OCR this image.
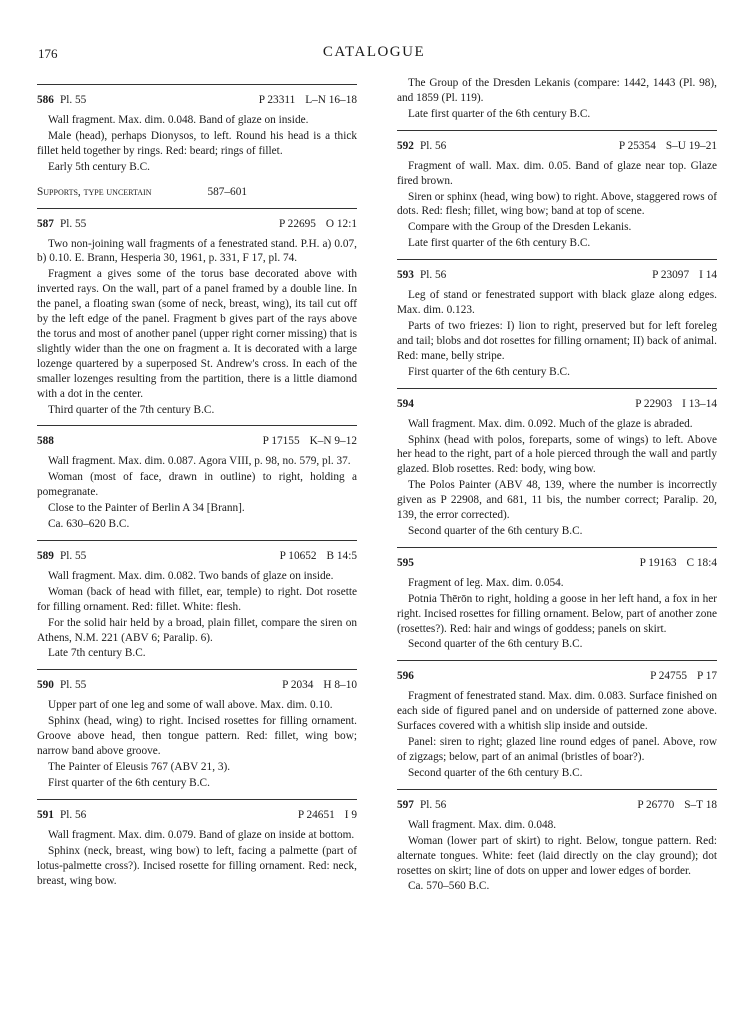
176	CATALOGUE
586 Pl. 55	P 23311 L–N 16–18
Wall fragment. Max. dim. 0.048. Band of glaze on inside.
Male (head), perhaps Dionysos, to left. Round his head is a thick fillet held together by rings. Red: beard; rings of fillet.
Early 5th century B.C.
Supports, type uncertain	587–601
587 Pl. 55	P 22695 O 12:1
Two non-joining wall fragments of a fenestrated stand. P.H. a) 0.07, b) 0.10. E. Brann, Hesperia 30, 1961, p. 331, F 17, pl. 74.
Fragment a gives some of the torus base decorated above with inverted rays. On the wall, part of a panel framed by a double line. In the panel, a floating swan (some of neck, breast, wing), its tail cut off by the left edge of the panel. Fragment b gives part of the rays above the torus and most of another panel (upper right corner missing) that is slightly wider than the one on fragment a. It is decorated with a large lozenge quartered by a superposed St. Andrew's cross. In each of the smaller lozenges resulting from the partition, there is a little diamond with a dot in the center.
Third quarter of the 7th century B.C.
588	P 17155 K–N 9–12
Wall fragment. Max. dim. 0.087. Agora VIII, p. 98, no. 579, pl. 37.
Woman (most of face, drawn in outline) to right, holding a pomegranate.
Close to the Painter of Berlin A 34 [Brann].
Ca. 630–620 B.C.
589 Pl. 55	P 10652 B 14:5
Wall fragment. Max. dim. 0.082. Two bands of glaze on inside.
Woman (back of head with fillet, ear, temple) to right. Dot rosette for filling ornament. Red: fillet. White: flesh.
For the solid hair held by a broad, plain fillet, compare the siren on Athens, N.M. 221 (ABV 6; Paralip. 6).
Late 7th century B.C.
590 Pl. 55	P 2034 H 8–10
Upper part of one leg and some of wall above. Max. dim. 0.10.
Sphinx (head, wing) to right. Incised rosettes for filling ornament. Groove above head, then tongue pattern. Red: fillet, wing bow; narrow band above groove.
The Painter of Eleusis 767 (ABV 21, 3).
First quarter of the 6th century B.C.
591 Pl. 56	P 24651 I 9
Wall fragment. Max. dim. 0.079. Band of glaze on inside at bottom.
Sphinx (neck, breast, wing bow) to left, facing a palmette (part of lotus-palmette cross?). Incised rosette for filling ornament. Red: neck, breast, wing bow.
The Group of the Dresden Lekanis (compare: 1442, 1443 (Pl. 98), and 1859 (Pl. 119).
Late first quarter of the 6th century B.C.
592 Pl. 56	P 25354 S–U 19–21
Fragment of wall. Max. dim. 0.05. Band of glaze near top. Glaze fired brown.
Siren or sphinx (head, wing bow) to right. Above, staggered rows of dots. Red: flesh; fillet, wing bow; band at top of scene.
Compare with the Group of the Dresden Lekanis.
Late first quarter of the 6th century B.C.
593 Pl. 56	P 23097 I 14
Leg of stand or fenestrated support with black glaze along edges. Max. dim. 0.123.
Parts of two friezes: I) lion to right, preserved but for left foreleg and tail; blobs and dot rosettes for filling ornament; II) back of animal. Red: mane, belly stripe.
First quarter of the 6th century B.C.
594	P 22903 I 13–14
Wall fragment. Max. dim. 0.092. Much of the glaze is abraded.
Sphinx (head with polos, foreparts, some of wings) to left. Above her head to the right, part of a hole pierced through the wall and partly glazed. Blob rosettes. Red: body, wing bow.
The Polos Painter (ABV 48, 139, where the number is incorrectly given as P 22908, and 681, 11 bis, the number correct; Paralip. 20, 139, the error corrected).
Second quarter of the 6th century B.C.
595	P 19163 C 18:4
Fragment of leg. Max. dim. 0.054.
Potnia Thērōn to right, holding a goose in her left hand, a fox in her right. Incised rosettes for filling ornament. Below, part of another zone (rosettes?). Red: hair and wings of goddess; panels on skirt.
Second quarter of the 6th century B.C.
596	P 24755 P 17
Fragment of fenestrated stand. Max. dim. 0.083. Surface finished on each side of figured panel and on underside of patterned zone above. Surfaces covered with a whitish slip inside and outside.
Panel: siren to right; glazed line round edges of panel. Above, row of zigzags; below, part of an animal (bristles of boar?).
Second quarter of the 6th century B.C.
597 Pl. 56	P 26770 S–T 18
Wall fragment. Max. dim. 0.048.
Woman (lower part of skirt) to right. Below, tongue pattern. Red: alternate tongues. White: feet (laid directly on the clay ground); dot rosettes on skirt; line of dots on upper and lower edges of border.
Ca. 570–560 B.C.
